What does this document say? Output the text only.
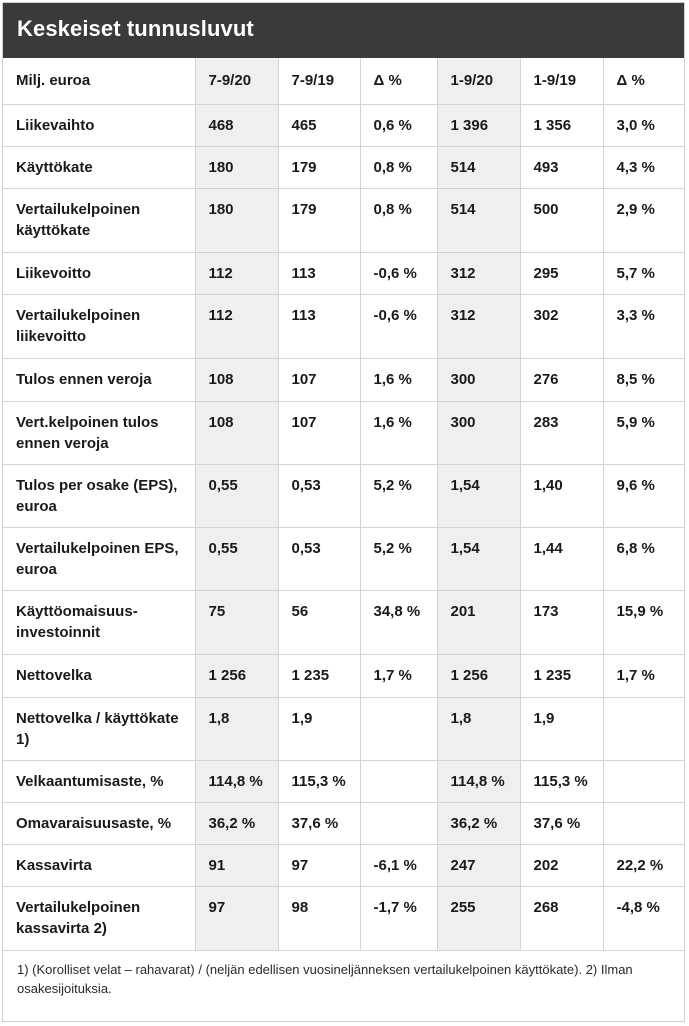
Keskeiset tunnusluvut
Milj. euroa	7-9/20	7-9/19	Δ %	1-9/20	1-9/19	Δ %
Liikevaihto	468	465	0,6 %	1 396	1 356	3,0 %
Käyttökate	180	179	0,8 %	514	493	4,3 %
Vertailukelpoinen käyttökate	180	179	0,8 %	514	500	2,9 %
Liikevoitto	112	113	-0,6 %	312	295	5,7 %
Vertailukelpoinen liikevoitto	112	113	-0,6 %	312	302	3,3 %
Tulos ennen veroja	108	107	1,6 %	300	276	8,5 %
Vert.kelpoinen tulos ennen veroja	108	107	1,6 %	300	283	5,9 %
Tulos per osake (EPS), euroa	0,55	0,53	5,2 %	1,54	1,40	9,6 %
Vertailukelpoinen EPS, euroa	0,55	0,53	5,2 %	1,54	1,44	6,8 %
Käyttöomaisuus-investoinnit	75	56	34,8 %	201	173	15,9 %
Nettovelka	1 256	1 235	1,7 %	1 256	1 235	1,7 %
Nettovelka / käyttökate 1)	1,8	1,9		1,8	1,9	
Velkaantumisaste, %	114,8 %	115,3 %		114,8 %	115,3 %	
Omavaraisuusaste, %	36,2 %	37,6 %		36,2 %	37,6 %	
Kassavirta	91	97	-6,1 %	247	202	22,2 %
Vertailukelpoinen kassavirta 2)	97	98	-1,7 %	255	268	-4,8 %
1) (Korolliset velat – rahavarat) / (neljän edellisen vuosineljänneksen vertailukelpoinen käyttökate). 2) Ilman osakesijoituksia.
